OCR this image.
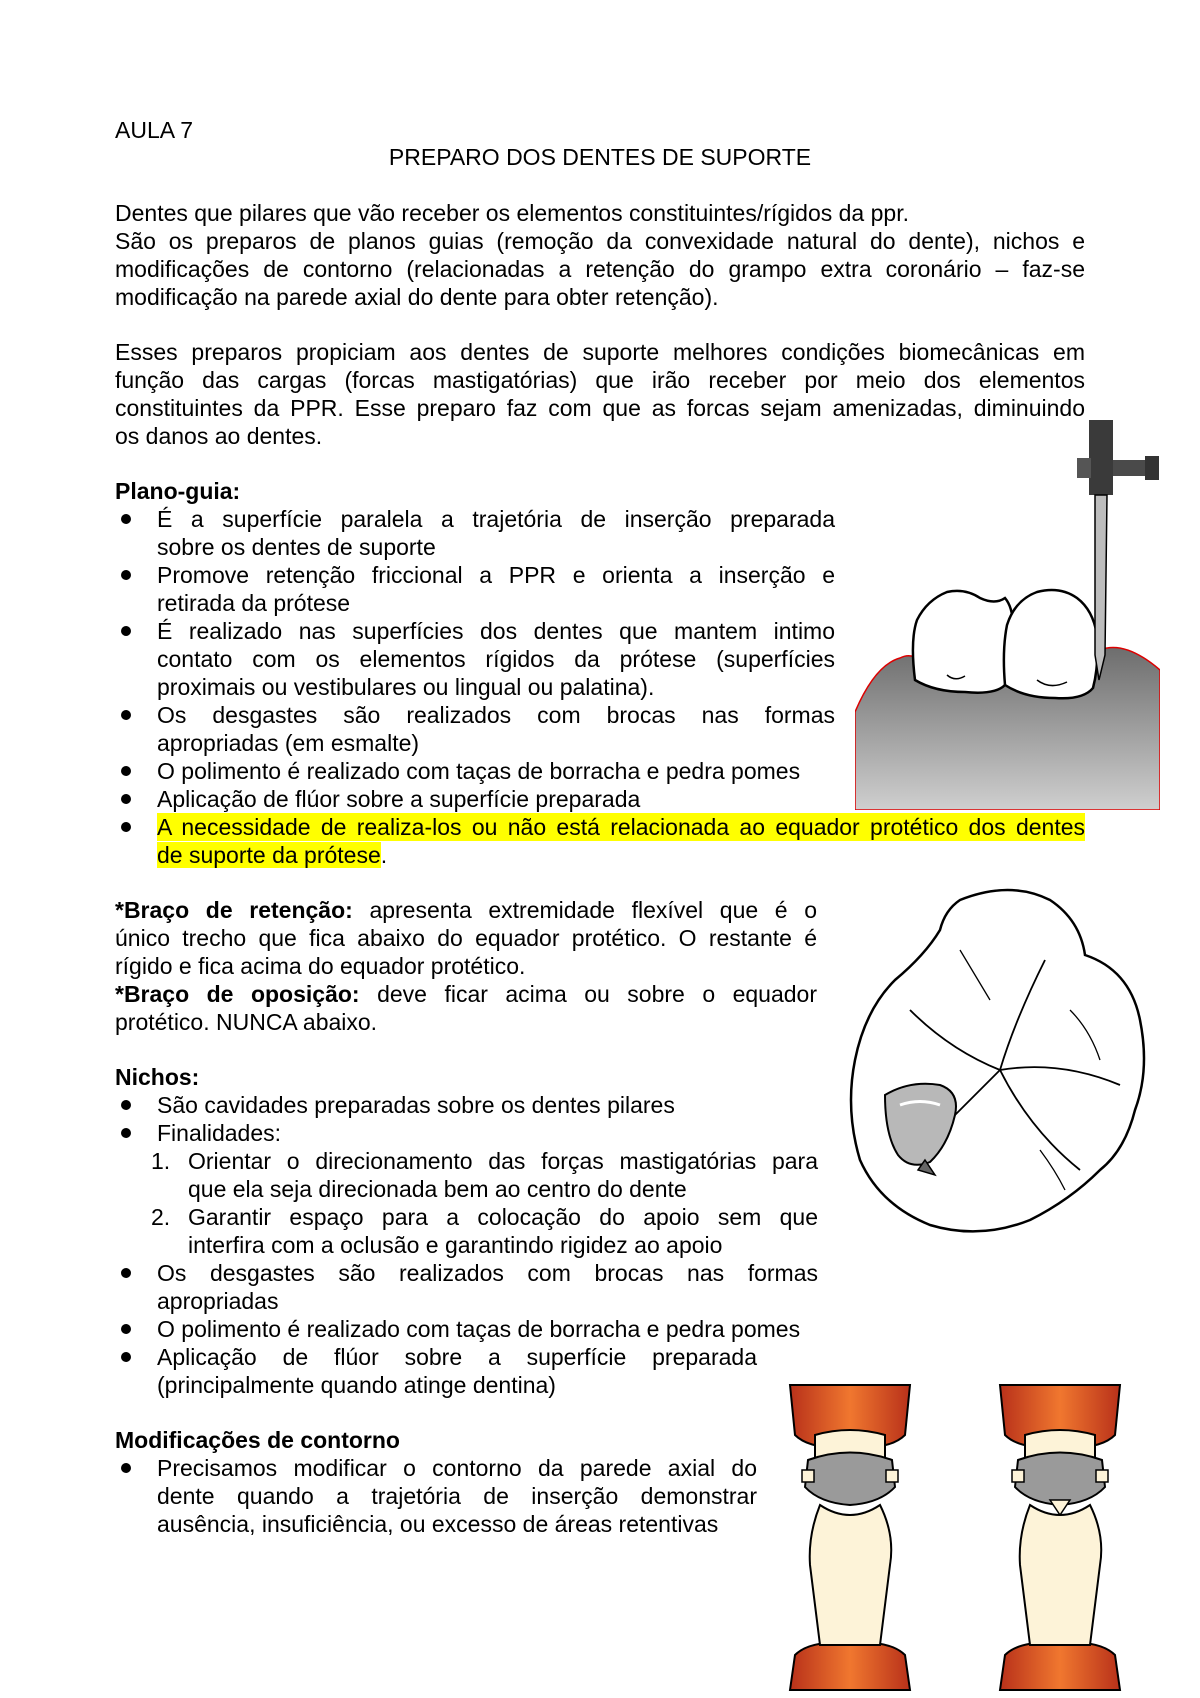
AULA 7
PREPARO DOS DENTES DE SUPORTE
Dentes que pilares que vão receber os elementos constituintes/rígidos da ppr.
São os preparos de planos guias (remoção da convexidade natural do dente), nichos e
modificações de contorno (relacionadas a retenção do grampo extra coronário – faz-se
modificação na parede axial do dente para obter retenção).
Esses preparos propiciam aos dentes de suporte melhores condições biomecânicas em
função das cargas (forcas mastigatórias) que irão receber por meio dos elementos
constituintes da PPR. Esse preparo faz com que as forcas sejam amenizadas, diminuindo
os danos ao dentes.
Plano-guia:
É a superfície paralela a trajetória de inserção preparada
sobre os dentes de suporte
Promove retenção friccional a PPR e orienta a inserção e
retirada da prótese
É realizado nas superfícies dos dentes que mantem intimo
contato com os elementos rígidos da prótese (superfícies
proximais ou vestibulares ou lingual ou palatina).
Os desgastes são realizados com brocas nas formas
apropriadas (em esmalte)
O polimento é realizado com taças de borracha e pedra pomes
Aplicação de flúor sobre a superfície preparada
A necessidade de realiza-los ou não está relacionada ao equador protético dos dentes
de suporte da prótese.
*Braço de retenção: apresenta extremidade flexível que é o
único trecho que fica abaixo do equador protético. O restante é
rígido e fica acima do equador protético.
*Braço de oposição: deve ficar acima ou sobre o equador
protético. NUNCA abaixo.
Nichos:
São cavidades preparadas sobre os dentes pilares
Finalidades:
1. Orientar o direcionamento das forças mastigatórias para
que ela seja direcionada bem ao centro do dente
2. Garantir espaço para a colocação do apoio sem que
interfira com a oclusão e garantindo rigidez ao apoio
Os desgastes são realizados com brocas nas formas
apropriadas
O polimento é realizado com taças de borracha e pedra pomes
Aplicação de flúor sobre a superfície preparada
(principalmente quando atinge dentina)
Modificações de contorno
Precisamos modificar o contorno da parede axial do
dente quando a trajetória de inserção demonstrar
ausência, insuficiência, ou excesso de áreas retentivas
